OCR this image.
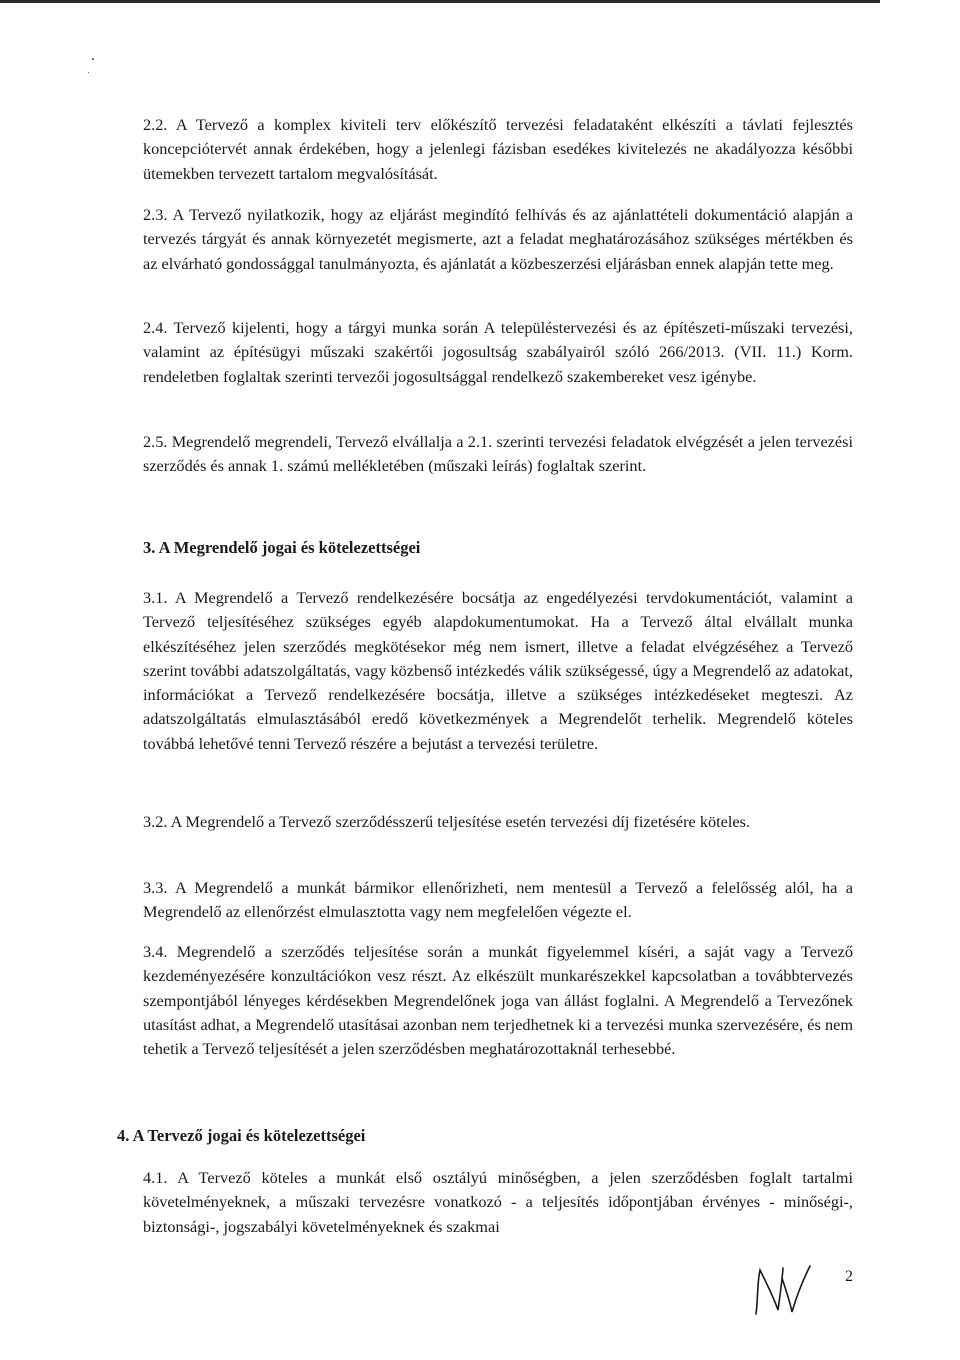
2.2. A Tervező a komplex kiviteli terv előkészítő tervezési feladataként elkészíti a távlati fejlesztés koncepciótervét annak érdekében, hogy a jelenlegi fázisban esedékes kivitelezés ne akadályozza későbbi ütemekben tervezett tartalom megvalósítását.

2.3. A Tervező nyilatkozik, hogy az eljárást megindító felhívás és az ajánlattételi dokumentáció alapján a tervezés tárgyát és annak környezetét megismerte, azt a feladat meghatározásához szükséges mértékben és az elvárható gondossággal tanulmányozta, és ajánlatát a közbeszerzési eljárásban ennek alapján tette meg.

2.4. Tervező kijelenti, hogy a tárgyi munka során A településtervezési és az építészeti-műszaki tervezési, valamint az építésügyi műszaki szakértői jogosultság szabályairól szóló 266/2013. (VII. 11.) Korm. rendeletben foglaltak szerinti tervezői jogosultsággal rendelkező szakembereket vesz igénybe.

2.5. Megrendelő megrendeli, Tervező elvállalja a 2.1. szerinti tervezési feladatok elvégzését a jelen tervezési szerződés és annak 1. számú mellékletében (műszaki leírás) foglaltak szerint.

3. A Megrendelő jogai és kötelezettségei

3.1. A Megrendelő a Tervező rendelkezésére bocsátja az engedélyezési tervdokumentációt, valamint a Tervező teljesítéséhez szükséges egyéb alapdokumentumokat. Ha a Tervező által elvállalt munka elkészítéséhez jelen szerződés megkötésekor még nem ismert, illetve a feladat elvégzéséhez a Tervező szerint további adatszolgáltatás, vagy közbenső intézkedés válik szükségessé, úgy a Megrendelő az adatokat, információkat a Tervező rendelkezésére bocsátja, illetve a szükséges intézkedéseket megteszi. Az adatszolgáltatás elmulasztásából eredő következmények a Megrendelőt terhelik. Megrendelő köteles továbbá lehetővé tenni Tervező részére a bejutást a tervezési területre.

3.2. A Megrendelő a Tervező szerződésszerű teljesítése esetén tervezési díj fizetésére köteles.

3.3. A Megrendelő a munkát bármikor ellenőrizheti, nem mentesül a Tervező a felelősség alól, ha a Megrendelő az ellenőrzést elmulasztotta vagy nem megfelelően végezte el.

3.4. Megrendelő a szerződés teljesítése során a munkát figyelemmel kíséri, a saját vagy a Tervező kezdeményezésére konzultációkon vesz részt. Az elkészült munkarészekkel kapcsolatban a továbbtervezés szempontjából lényeges kérdésekben Megrendelőnek joga van állást foglalni. A Megrendelő a Tervezőnek utasítást adhat, a Megrendelő utasításai azonban nem terjedhetnek ki a tervezési munka szervezésére, és nem tehetik a Tervező teljesítését a jelen szerződésben meghatározottaknál terhesebbé.

4. A Tervező jogai és kötelezettségei

4.1. A Tervező köteles a munkát első osztályú minőségben, a jelen szerződésben foglalt tartalmi követelményeknek, a műszaki tervezésre vonatkozó - a teljesítés időpontjában érvényes - minőségi-, biztonsági-, jogszabályi követelményeknek és szakmai

2
